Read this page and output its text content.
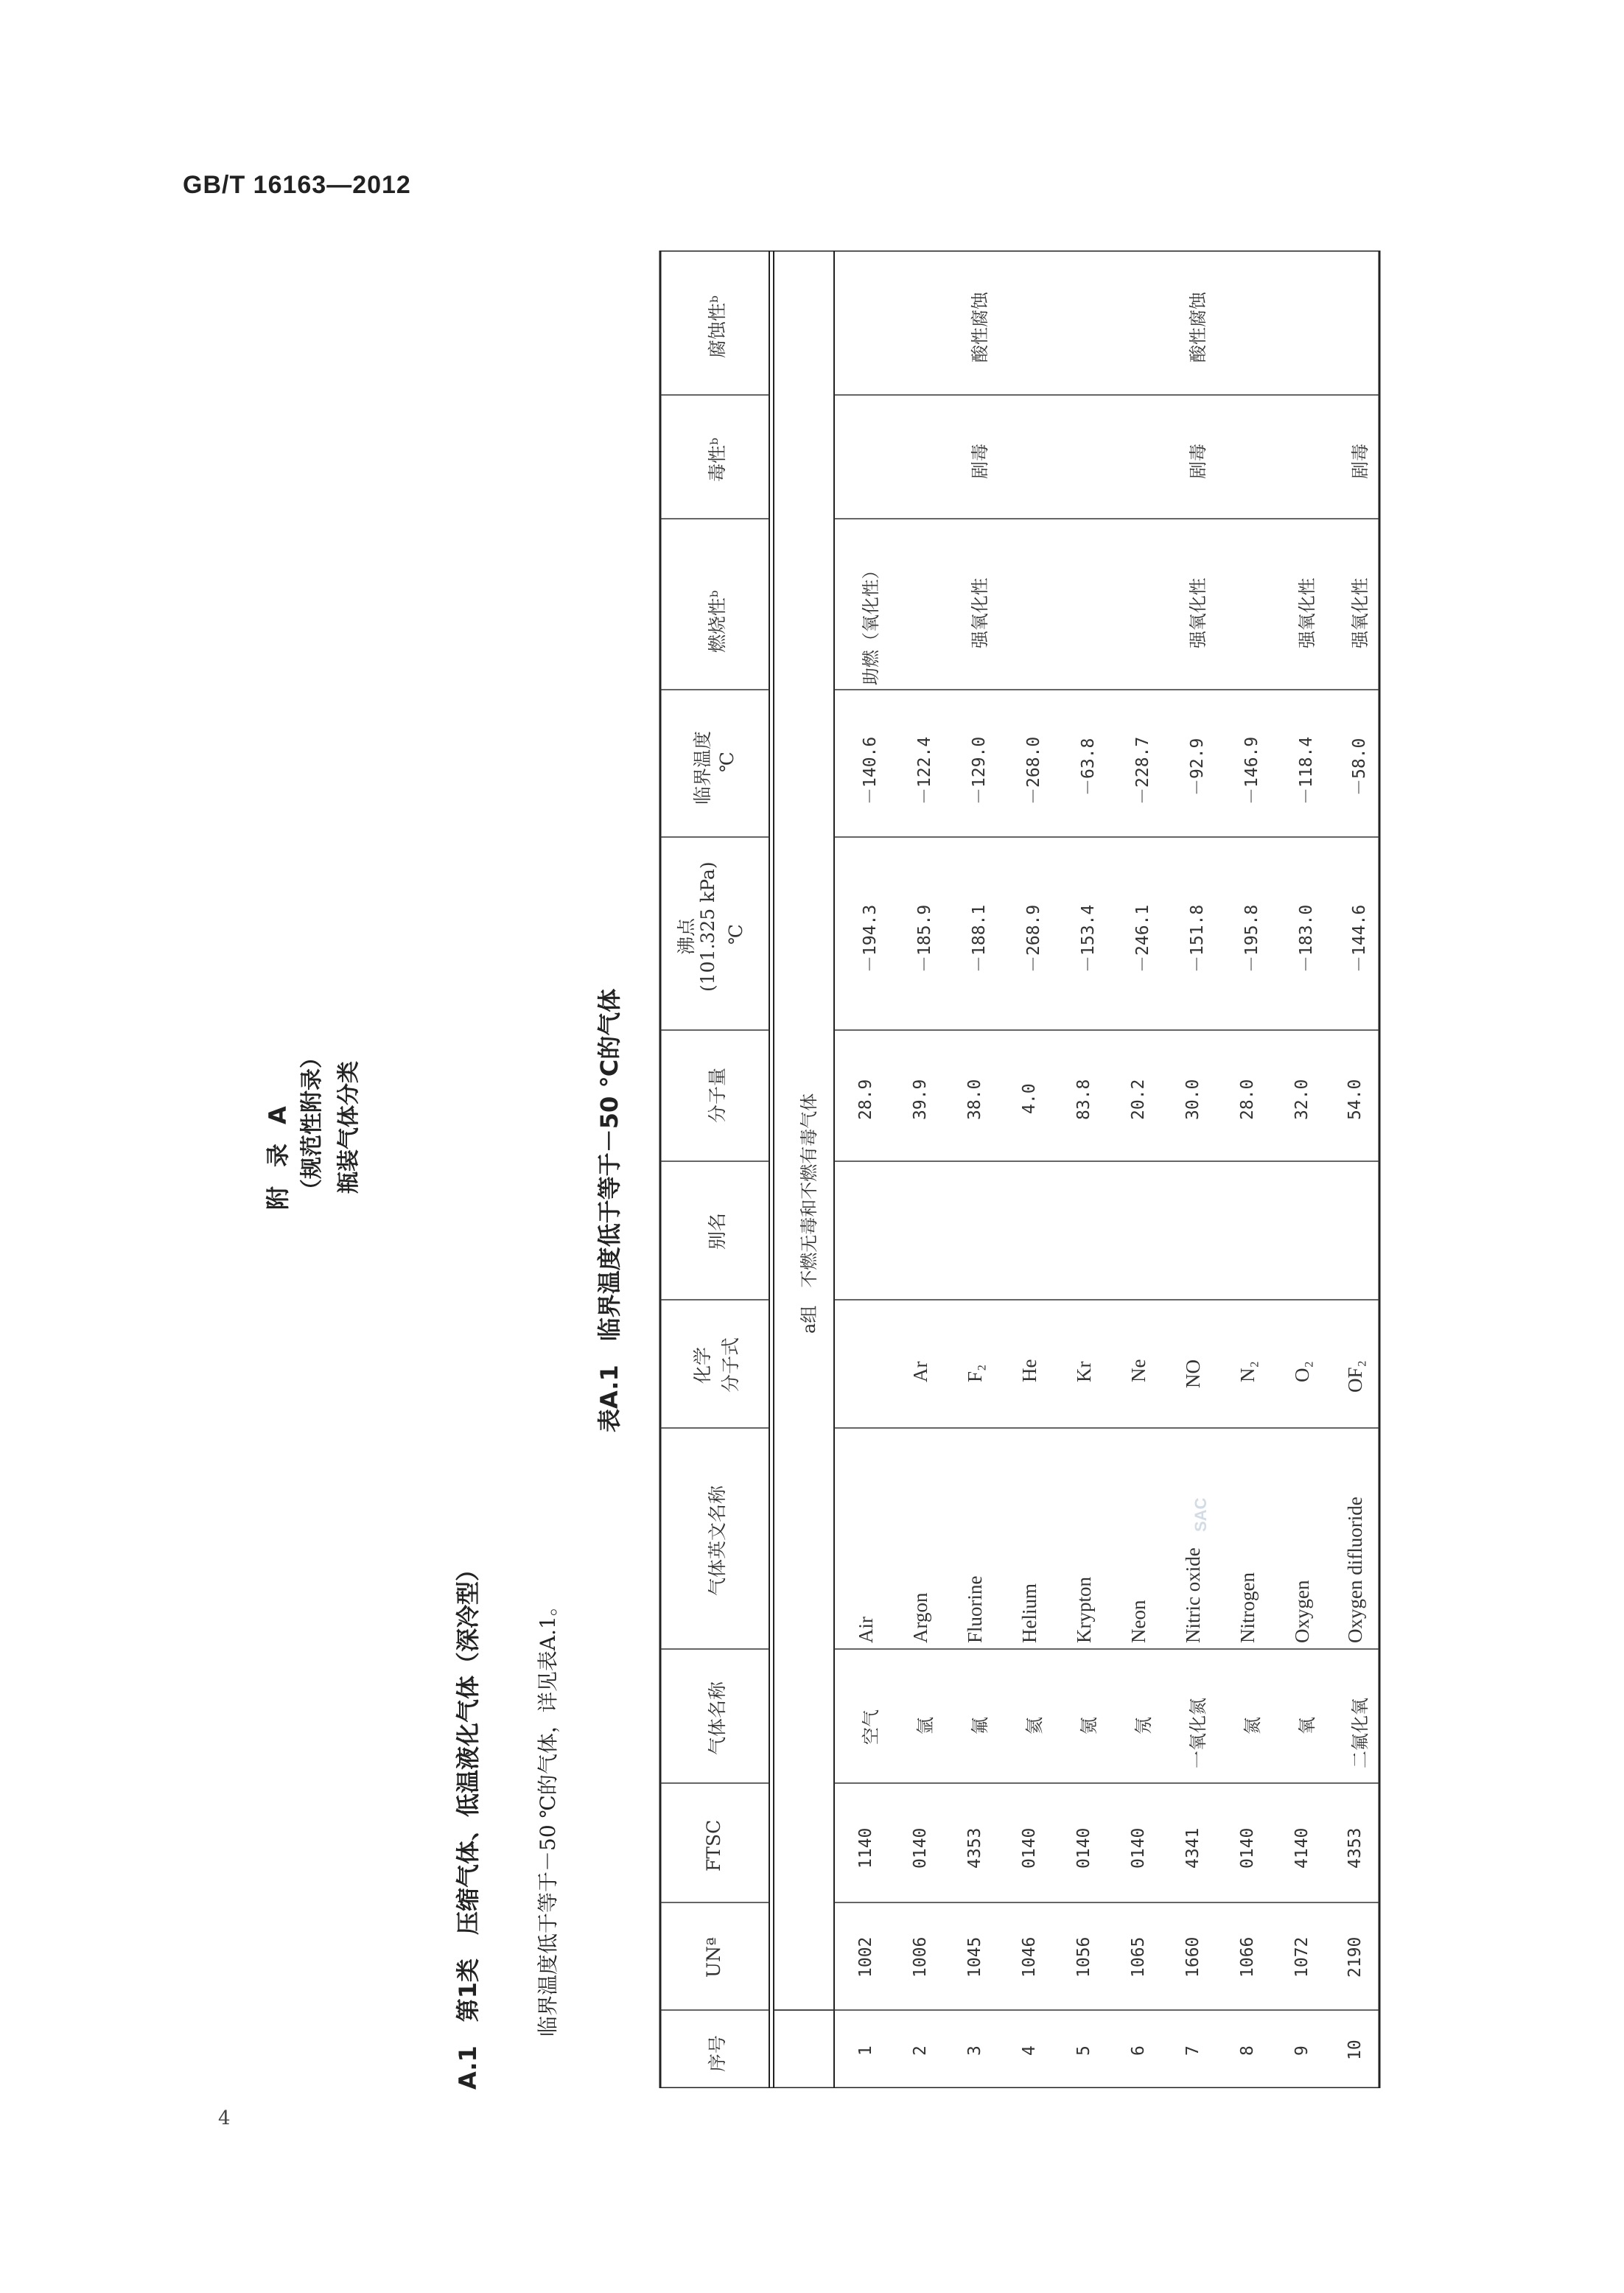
GB/T 16163—2012
附录A （规范性附录） 瓶装气体分类
A.1　第1类　压缩气体、低温液化气体（深冷型）	临界温度低于等于－50 ℃的气体，详见表A.1。
表A.1　临界温度低于等于－50 ℃的气体
SAC
序号
UNª
FTSC
气体名称
气体英文名称
化学 分子式
别名
分子量
沸点 (101.325 kPa) ℃
临界温度 ℃
燃烧性ᵇ
毒性ᵇ
腐蚀性ᵇ
a组　不燃无毒和不燃有毒气体
1
1002
1140
空气
Air
28.9
－194.3
－140.6
助燃（氧化性）
2
1006
0140
氩
Argon
Ar
39.9
－185.9
－122.4
3
1045
4353
氟
Fluorine
F₂
38.0
－188.1
－129.0
强氧化性
剧毒
酸性腐蚀
4
1046
0140
氦
Helium
He
4.0
－268.9
－268.0
5
1056
0140
氪
Krypton
Kr
83.8
－153.4
－63.8
6
1065
0140
氖
Neon
Ne
20.2
－246.1
－228.7
7
1660
4341
一氧化氮
Nitric oxide
NO
30.0
－151.8
－92.9
强氧化性
剧毒
酸性腐蚀
8
1066
0140
氮
Nitrogen
N₂
28.0
－195.8
－146.9
9
1072
4140
氧
Oxygen
O₂
32.0
－183.0
－118.4
强氧化性
10
2190
4353
二氟化氧
Oxygen difluoride
OF₂
54.0
－144.6
－58.0
强氧化性
剧毒
4
